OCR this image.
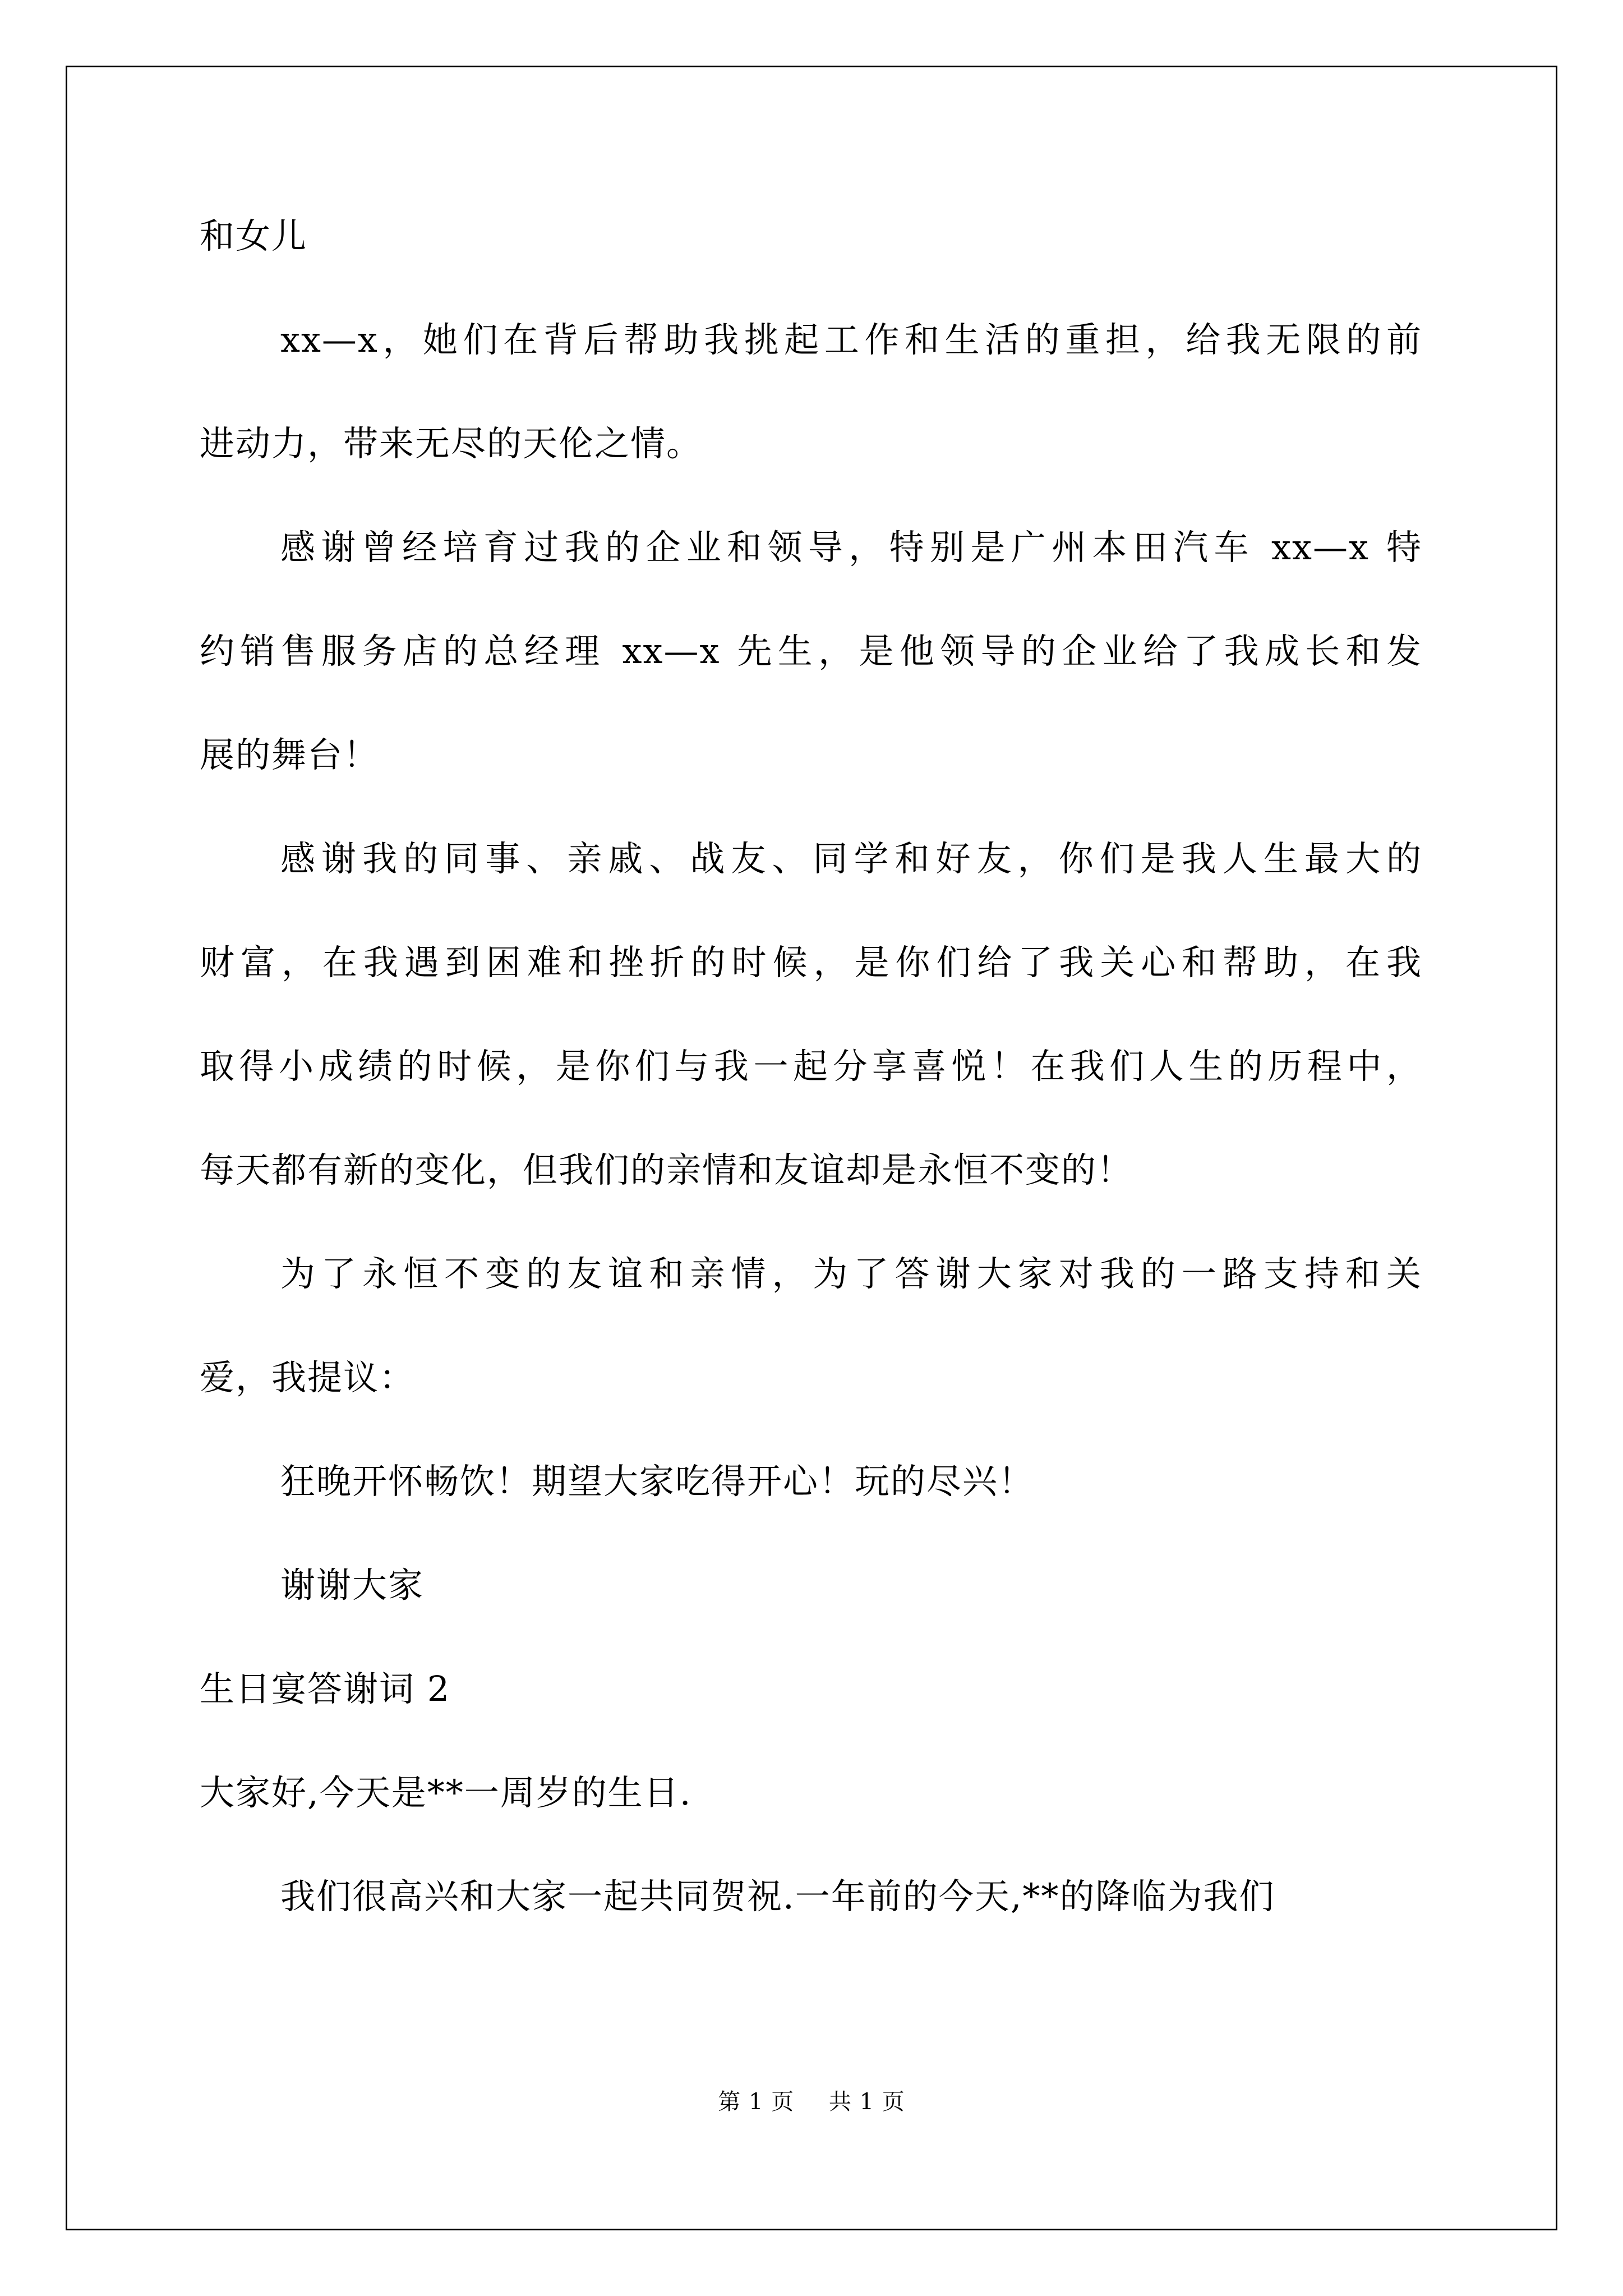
和女儿
xx—x，她们在背后帮助我挑起工作和生活的重担，给我无限的前
进动力，带来无尽的天伦之情。
感谢曾经培育过我的企业和领导，特别是广州本田汽车 xx—x 特
约销售服务店的总经理 xx—x 先生，是他领导的企业给了我成长和发
展的舞台！
感谢我的同事、亲戚、战友、同学和好友，你们是我人生最大的
财富，在我遇到困难和挫折的时候，是你们给了我关心和帮助，在我
取得小成绩的时候，是你们与我一起分享喜悦！在我们人生的历程中，
每天都有新的变化，但我们的亲情和友谊却是永恒不变的！
为了永恒不变的友谊和亲情，为了答谢大家对我的一路支持和关
爱，我提议：
狂晚开怀畅饮！期望大家吃得开心！玩的尽兴！
谢谢大家
生日宴答谢词 2
大家好,今天是**一周岁的生日.
我们很高兴和大家一起共同贺祝.一年前的今天,**的降临为我们
第 1 页 共 1 页
